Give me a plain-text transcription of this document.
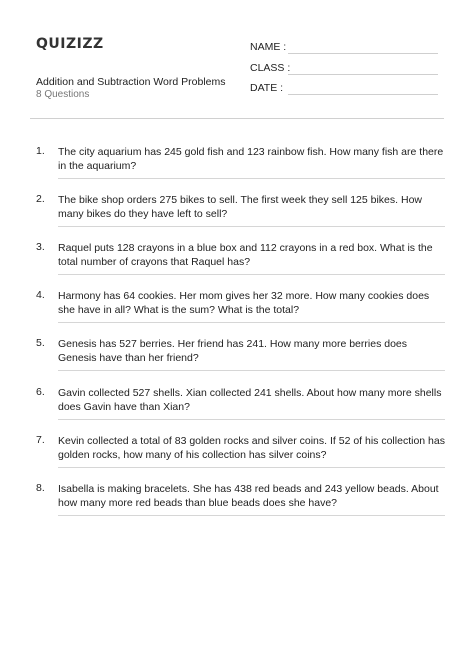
QUIZIZZ
Addition and Subtraction Word Problems
8 Questions
NAME :
CLASS :
DATE :
1. The city aquarium has 245 gold fish and 123 rainbow fish. How many fish are there in the aquarium?
2. The bike shop orders 275 bikes to sell. The first week they sell 125 bikes. How many bikes do they have left to sell?
3. Raquel puts 128 crayons in a blue box and 112 crayons in a red box. What is the total number of crayons that Raquel has?
4. Harmony has 64 cookies. Her mom gives her 32 more. How many cookies does she have in all? What is the sum? What is the total?
5. Genesis has 527 berries. Her friend has 241. How many more berries does Genesis have than her friend?
6. Gavin collected 527 shells. Xian collected 241 shells. About how many more shells does Gavin have than Xian?
7. Kevin collected a total of 83 golden rocks and silver coins. If 52 of his collection has golden rocks, how many of his collection has silver coins?
8. Isabella is making bracelets. She has 438 red beads and 243 yellow beads. About how many more red beads than blue beads does she have?
